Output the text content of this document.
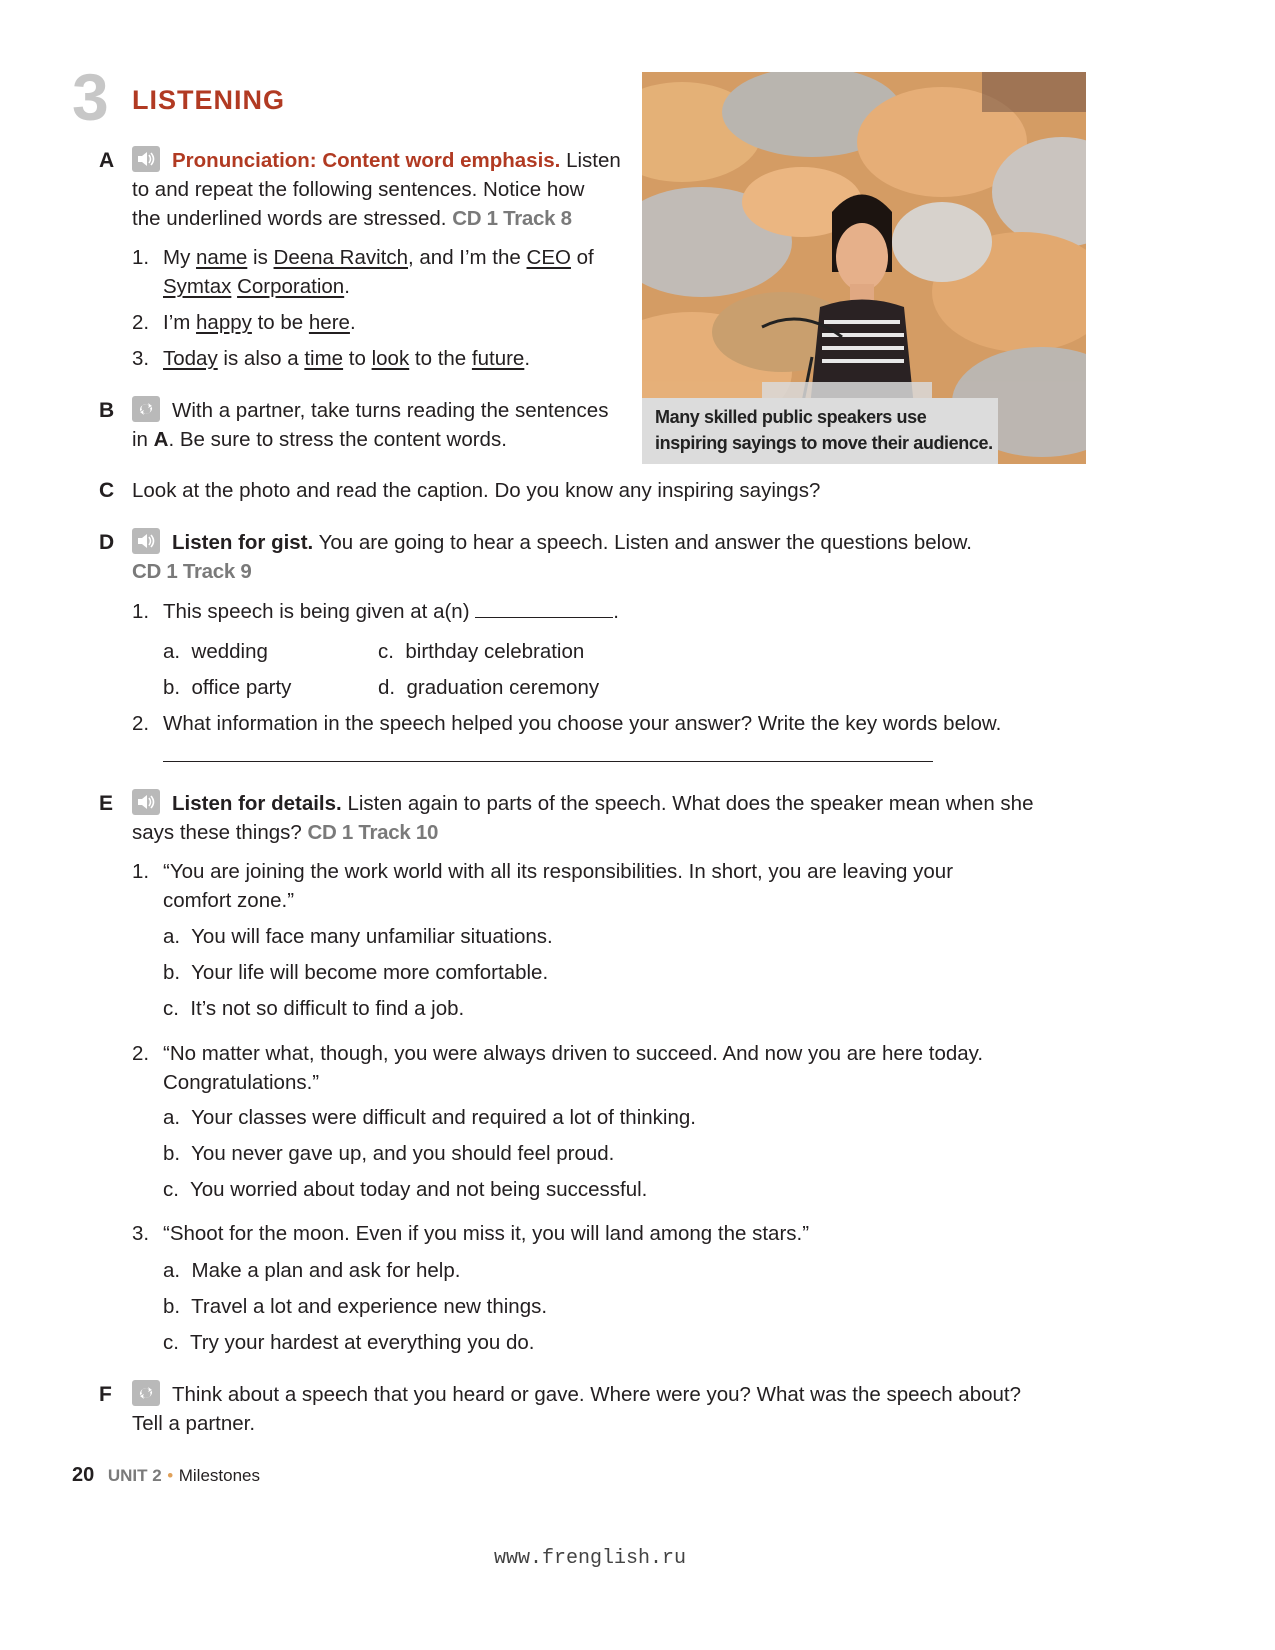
3 LISTENING
Many skilled public speakers use inspiring sayings to move their audience.
A	Pronunciation: Content word emphasis. Listen
to and repeat the following sentences. Notice how
the underlined words are stressed. CD 1 Track 8
1. My name is Deena Ravitch, and I’m the CEO of
Symtax Corporation.
2. I’m happy to be here.
3. Today is also a time to look to the future.
B	With a partner, take turns reading the sentences
in A. Be sure to stress the content words.
C Look at the photo and read the caption. Do you know any inspiring sayings?
D	Listen for gist. You are going to hear a speech. Listen and answer the questions below.
CD 1 Track 9
1. This speech is being given at a(n)	.
a. wedding	c. birthday celebration
b. office party	d. graduation ceremony
2. What information in the speech helped you choose your answer? Write the key words below.
E	Listen for details. Listen again to parts of the speech. What does the speaker mean when she
says these things? CD 1 Track 10
1. “You are joining the work world with all its responsibilities. In short, you are leaving your
comfort zone.”
a. You will face many unfamiliar situations.
b. Your life will become more comfortable.
c. It’s not so difficult to find a job.
2. “No matter what, though, you were always driven to succeed. And now you are here today.
Congratulations.”
a. Your classes were difficult and required a lot of thinking.
b. You never gave up, and you should feel proud.
c. You worried about today and not being successful.
3. “Shoot for the moon. Even if you miss it, you will land among the stars.”
a. Make a plan and ask for help.
b. Travel a lot and experience new things.
c. Try your hardest at everything you do.
F	Think about a speech that you heard or gave. Where were you? What was the speech about?
Tell a partner.
20 UNIT 2 • Milestones
www.frenglish.ru
